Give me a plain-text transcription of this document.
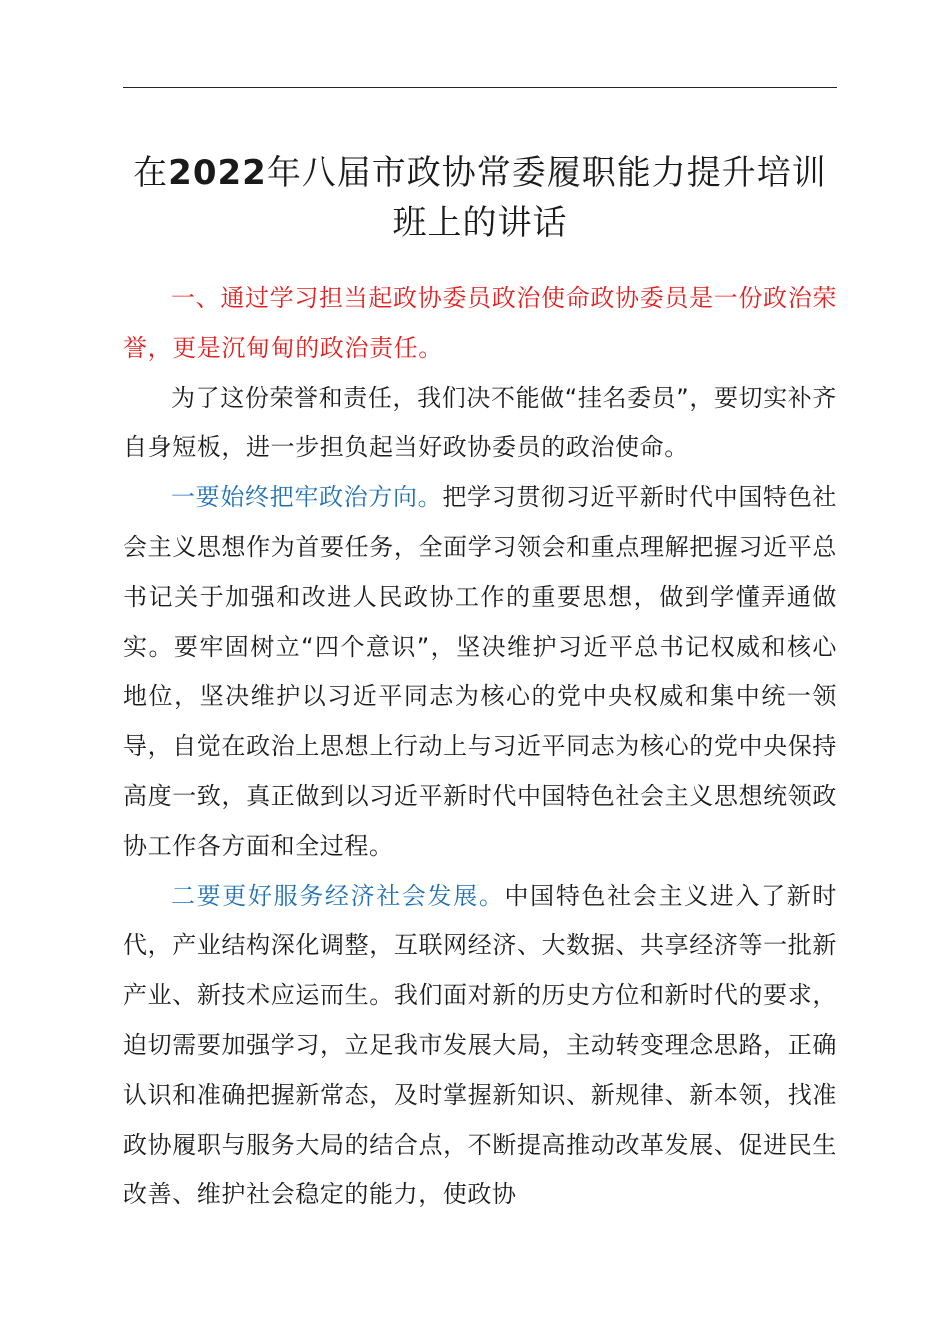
在2022年八届市政协常委履职能力提升培训班上的讲话

一、通过学习担当起政协委员政治使命政协委员是一份政治荣誉，更是沉甸甸的政治责任。

为了这份荣誉和责任，我们决不能做“挂名委员”，要切实补齐自身短板，进一步担负起当好政协委员的政治使命。

一要始终把牢政治方向。把学习贯彻习近平新时代中国特色社会主义思想作为首要任务，全面学习领会和重点理解把握习近平总书记关于加强和改进人民政协工作的重要思想，做到学懂弄通做实。要牢固树立“四个意识”，坚决维护习近平总书记权威和核心地位，坚决维护以习近平同志为核心的党中央权威和集中统一领导，自觉在政治上思想上行动上与习近平同志为核心的党中央保持高度一致，真正做到以习近平新时代中国特色社会主义思想统领政协工作各方面和全过程。

二要更好服务经济社会发展。中国特色社会主义进入了新时代，产业结构深化调整，互联网经济、大数据、共享经济等一批新产业、新技术应运而生。我们面对新的历史方位和新时代的要求，迫切需要加强学习，立足我市发展大局，主动转变理念思路，正确认识和准确把握新常态，及时掌握新知识、新规律、新本领，找准政协履职与服务大局的结合点，不断提高推动改革发展、促进民生改善、维护社会稳定的能力，使政协
